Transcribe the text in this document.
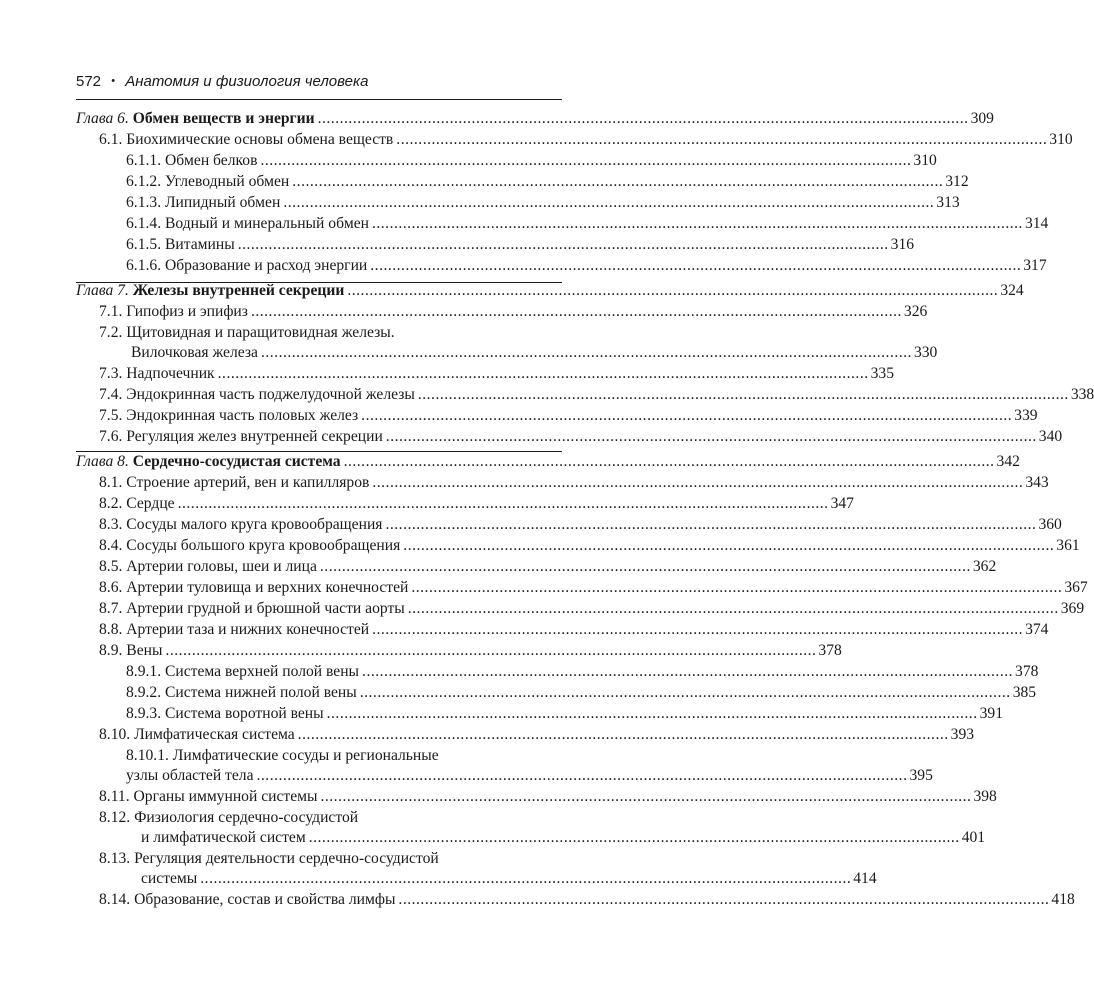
572 • Анатомия и физиология человека
Глава 6. Обмен веществ и энергии .................................................................................................................................................... 309
6.1. Биохимические основы обмена веществ .................................................................................................................................................... 310
6.1.1. Обмен белков .................................................................................................................................................... 310
6.1.2. Углеводный обмен .................................................................................................................................................... 312
6.1.3. Липидный обмен .................................................................................................................................................... 313
6.1.4. Водный и минеральный обмен .................................................................................................................................................... 314
6.1.5. Витамины .................................................................................................................................................... 316
6.1.6. Образование и расход энергии .................................................................................................................................................... 317
Глава 7. Железы внутренней секреции .................................................................................................................................................... 324
7.1. Гипофиз и эпифиз .................................................................................................................................................... 326
7.2. Щитовидная и паращитовидная железы.
Вилочковая железа .................................................................................................................................................... 330
7.3. Надпочечник .................................................................................................................................................... 335
7.4. Эндокринная часть поджелудочной железы .................................................................................................................................................... 338
7.5. Эндокринная часть половых желез .................................................................................................................................................... 339
7.6. Регуляция желез внутренней секреции .................................................................................................................................................... 340
Глава 8. Сердечно-сосудистая система .................................................................................................................................................... 342
8.1. Строение артерий, вен и капилляров .................................................................................................................................................... 343
8.2. Сердце .................................................................................................................................................... 347
8.3. Сосуды малого круга кровообращения .................................................................................................................................................... 360
8.4. Сосуды большого круга кровообращения .................................................................................................................................................... 361
8.5. Артерии головы, шеи и лица .................................................................................................................................................... 362
8.6. Артерии туловища и верхних конечностей .................................................................................................................................................... 367
8.7. Артерии грудной и брюшной части аорты .................................................................................................................................................... 369
8.8. Артерии таза и нижних конечностей .................................................................................................................................................... 374
8.9. Вены .................................................................................................................................................... 378
8.9.1. Система верхней полой вены .................................................................................................................................................... 378
8.9.2. Система нижней полой вены .................................................................................................................................................... 385
8.9.3. Система воротной вены .................................................................................................................................................... 391
8.10. Лимфатическая система .................................................................................................................................................... 393
8.10.1. Лимфатические сосуды и региональные
узлы областей тела .................................................................................................................................................... 395
8.11. Органы иммунной системы .................................................................................................................................................... 398
8.12. Физиология сердечно-сосудистой
и лимфатической систем .................................................................................................................................................... 401
8.13. Регуляция деятельности сердечно-сосудистой
системы .................................................................................................................................................... 414
8.14. Образование, состав и свойства лимфы .................................................................................................................................................... 418
